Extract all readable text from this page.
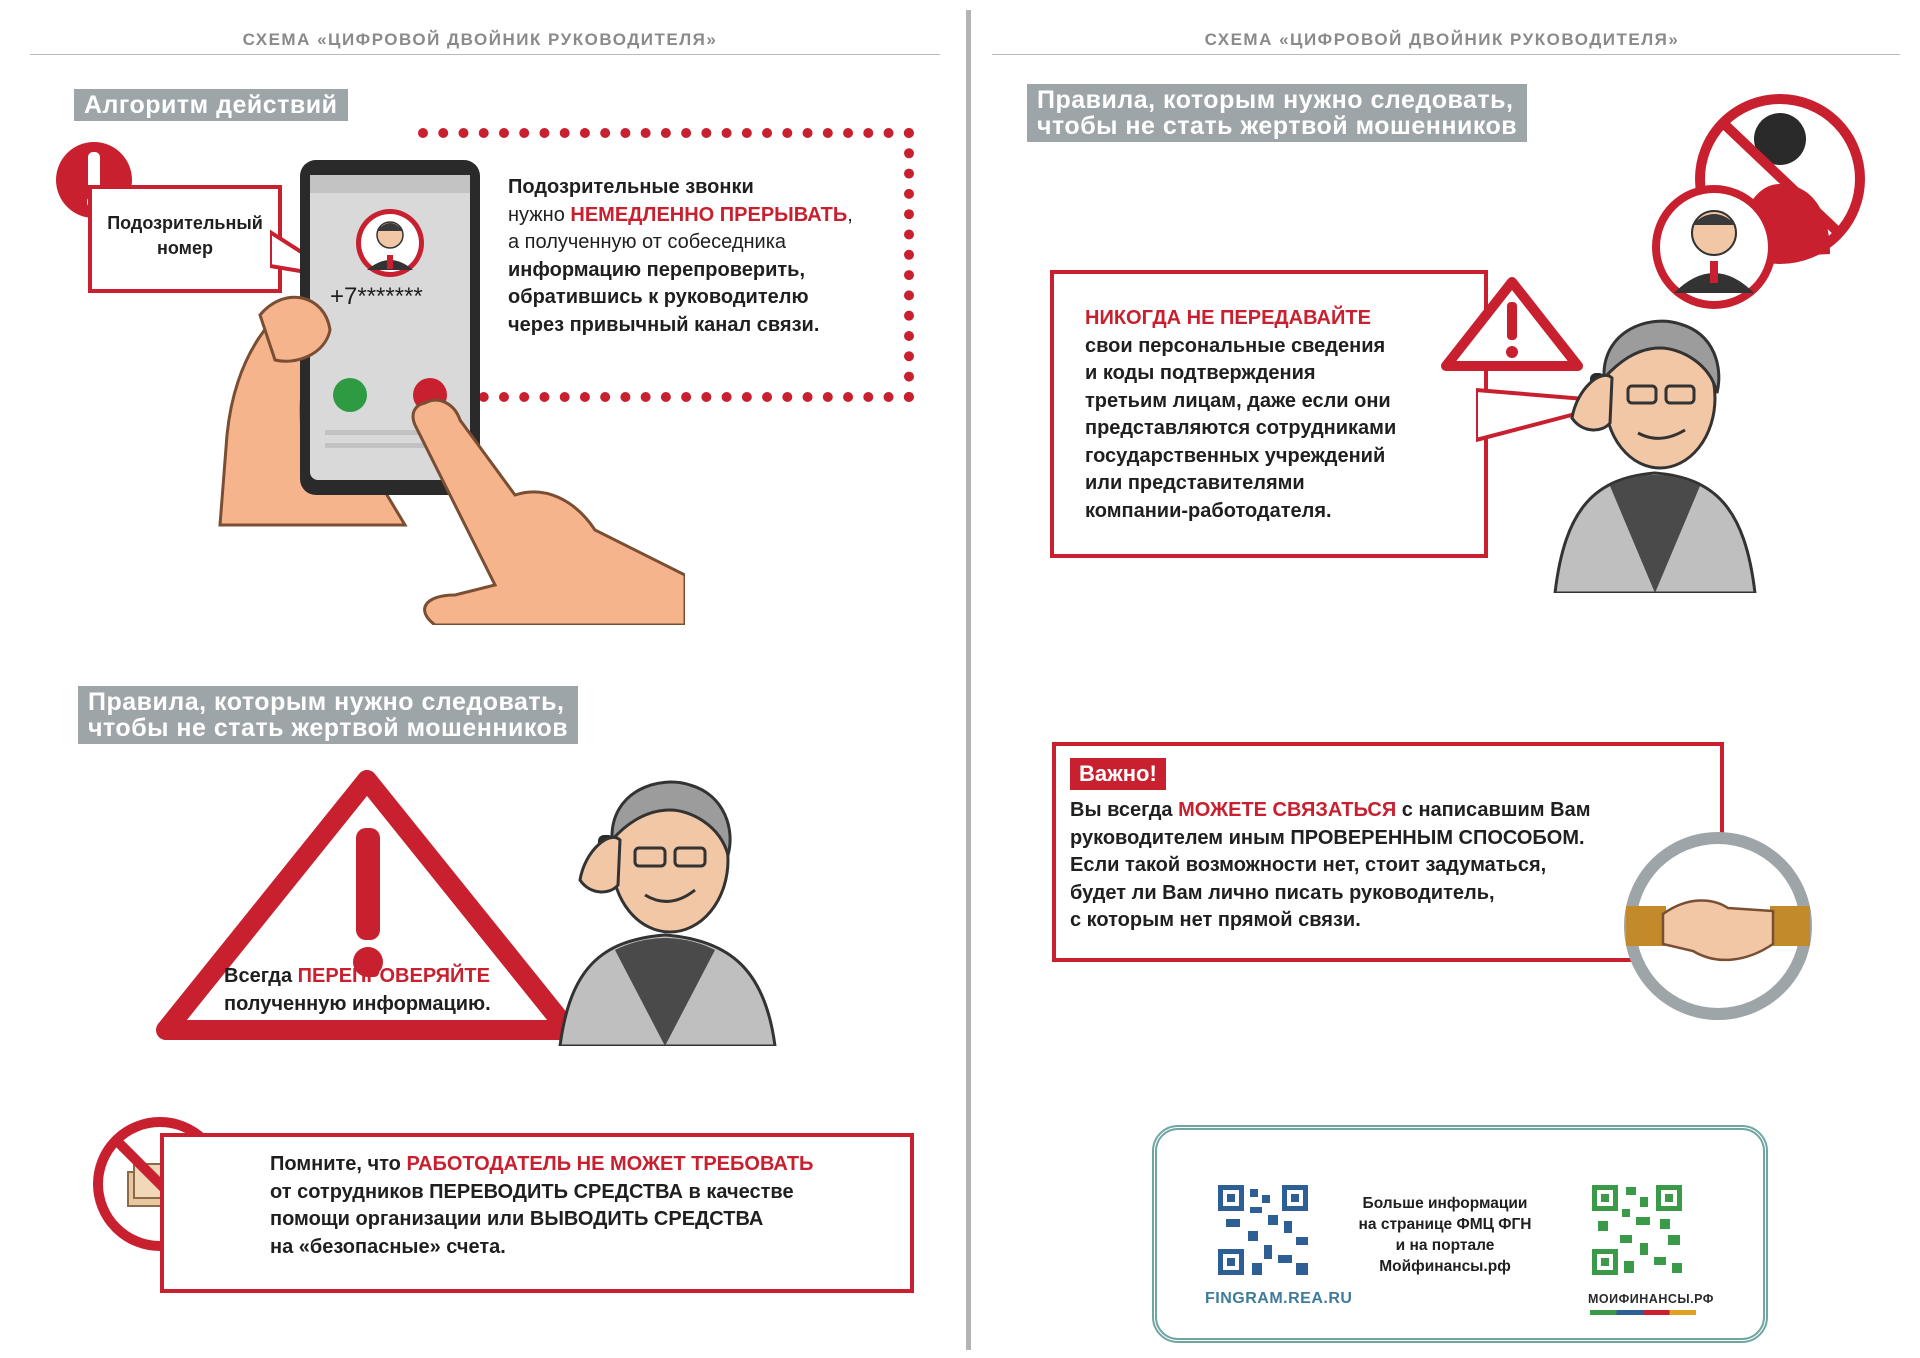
СХЕМА «ЦИФРОВОЙ ДВОЙНИК РУКОВОДИТЕЛЯ»	СХЕМА «ЦИФРОВОЙ ДВОЙНИК РУКОВОДИТЕЛЯ»
Алгоритм действий
Подозрительный
номер
+7*******
Подозрительные звонки
нужно НЕМЕДЛЕННО ПРЕРЫВАТЬ,
а полученную от собеседника
информацию перепроверить,
обратившись к руководителю
через привычный канал связи.
Правила, которым нужно следовать,
чтобы не стать жертвой мошенников
Всегда ПЕРЕПРОВЕРЯЙТЕ
полученную информацию.
Помните, что РАБОТОДАТЕЛЬ НЕ МОЖЕТ ТРЕБОВАТЬ
от сотрудников ПЕРЕВОДИТЬ СРЕДСТВА в качестве
помощи организации или ВЫВОДИТЬ СРЕДСТВА
на «безопасные» счета.
Правила, которым нужно следовать,
чтобы не стать жертвой мошенников
НИКОГДА НЕ ПЕРЕДАВАЙТЕ
свои персональные сведения
и коды подтверждения
третьим лицам, даже если они
представляются сотрудниками
государственных учреждений
или представителями
компании-работодателя.
Важно!
Вы всегда МОЖЕТЕ СВЯЗАТЬСЯ с написавшим Вам
руководителем иным ПРОВЕРЕННЫМ СПОСОБОМ.
Если такой возможности нет, стоит задуматься,
будет ли Вам лично писать руководитель,
с которым нет прямой связи.
FINGRAM.REA.RU
Больше информации
на странице ФМЦ ФГН
и на портале
Мойфинансы.рф
МОИФИНАНСЫ.РФ
